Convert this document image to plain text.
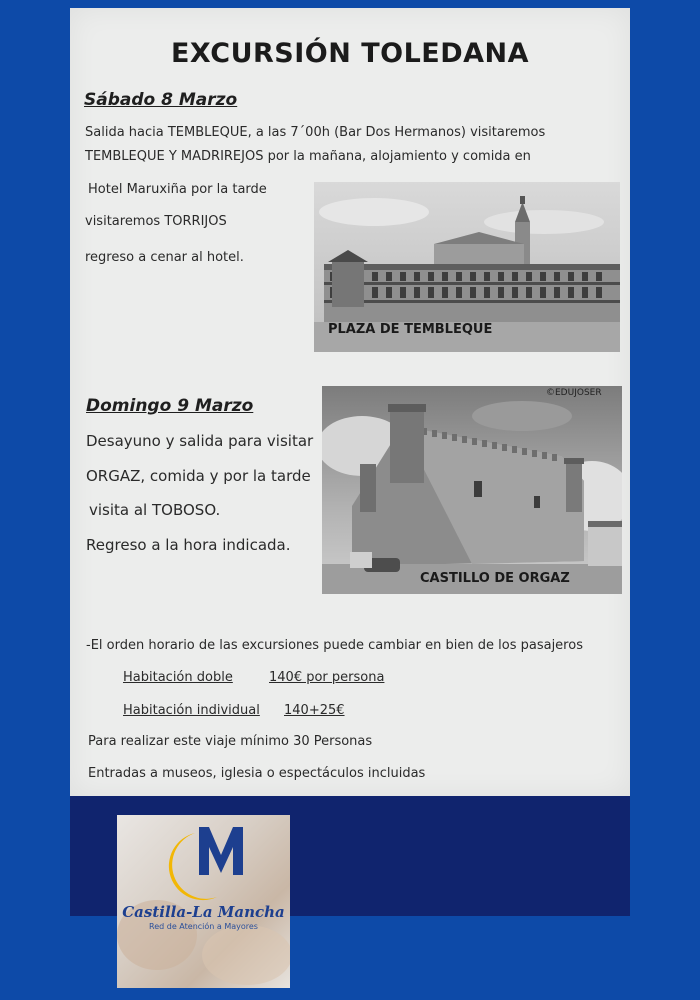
EXCURSIÓN TOLEDANA
Sábado 8 Marzo
Salida hacia TEMBLEQUE, a las 7´00h (Bar Dos Hermanos) visitaremos
TEMBLEQUE Y MADRIREJOS por la mañana, alojamiento y comida en
Hotel Maruxiña por la tarde
visitaremos TORRIJOS
regreso a cenar al hotel.
PLAZA DE TEMBLEQUE
Domingo 9 Marzo
Desayuno y salida para visitar
ORGAZ, comida y por la tarde
visita al TOBOSO.
Regreso a la hora indicada.
CASTILLO DE ORGAZ
©EDUJOSER
-El orden horario de las excursiones puede cambiar en bien de los pasajeros
Habitación doble	140€ por persona
Habitación individual 140+25€
Para realizar este viaje mínimo 30 Personas
Entradas a museos, iglesia o espectáculos incluidas
Castilla-La Mancha
Red de Atención a Mayores
